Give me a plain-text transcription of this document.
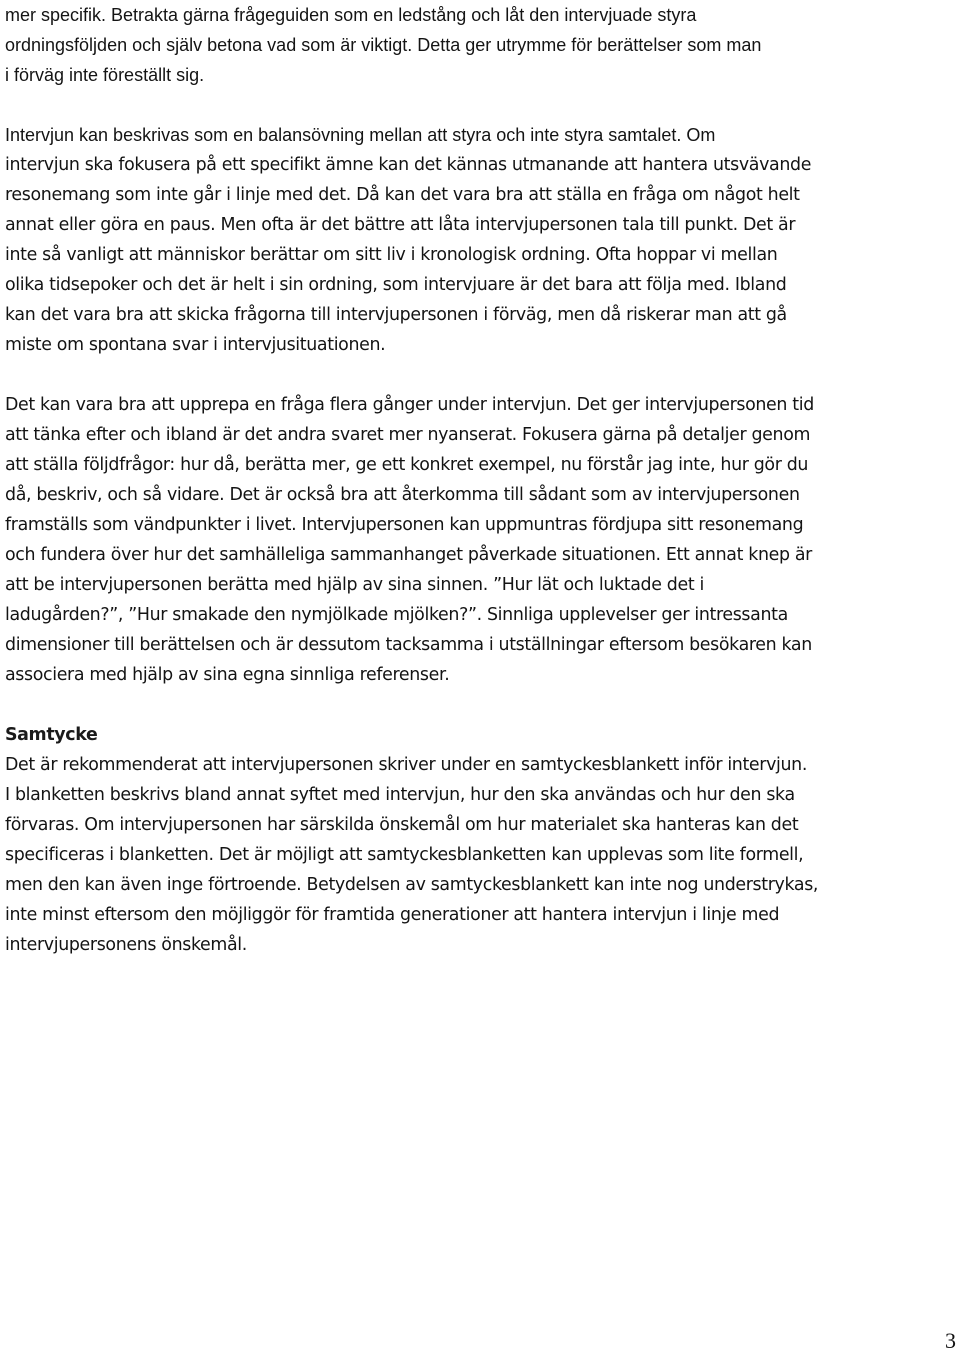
mer specifik. Betrakta gärna frågeguiden som en ledstång och låt den intervjuade styra
ordningsföljden och själv betona vad som är viktigt. Detta ger utrymme för berättelser som man
i förväg inte föreställt sig.
Intervjun kan beskrivas som en balansövning mellan att styra och inte styra samtalet. Om
intervjun ska fokusera på ett specifikt ämne kan det kännas utmanande att hantera utsvävande
resonemang som inte går i linje med det. Då kan det vara bra att ställa en fråga om något helt
annat eller göra en paus. Men ofta är det bättre att låta intervjupersonen tala till punkt. Det är
inte så vanligt att människor berättar om sitt liv i kronologisk ordning. Ofta hoppar vi mellan
olika tidsepoker och det är helt i sin ordning, som intervjuare är det bara att följa med. Ibland
kan det vara bra att skicka frågorna till intervjupersonen i förväg, men då riskerar man att gå
miste om spontana svar i intervjusituationen.
Det kan vara bra att upprepa en fråga flera gånger under intervjun. Det ger intervjupersonen tid
att tänka efter och ibland är det andra svaret mer nyanserat. Fokusera gärna på detaljer genom
att ställa följdfrågor: hur då, berätta mer, ge ett konkret exempel, nu förstår jag inte, hur gör du
då, beskriv, och så vidare. Det är också bra att återkomma till sådant som av intervjupersonen
framställs som vändpunkter i livet. Intervjupersonen kan uppmuntras fördjupa sitt resonemang
och fundera över hur det samhälleliga sammanhanget påverkade situationen. Ett annat knep är
att be intervjupersonen berätta med hjälp av sina sinnen. ”Hur lät och luktade det i
ladugården?”, ”Hur smakade den nymjölkade mjölken?”. Sinnliga upplevelser ger intressanta
dimensioner till berättelsen och är dessutom tacksamma i utställningar eftersom besökaren kan
associera med hjälp av sina egna sinnliga referenser.
Samtycke
Det är rekommenderat att intervjupersonen skriver under en samtyckesblankett inför intervjun.
I blanketten beskrivs bland annat syftet med intervjun, hur den ska användas och hur den ska
förvaras. Om intervjupersonen har särskilda önskemål om hur materialet ska hanteras kan det
specificeras i blanketten. Det är möjligt att samtyckesblanketten kan upplevas som lite formell,
men den kan även inge förtroende. Betydelsen av samtyckesblankett kan inte nog understrykas,
inte minst eftersom den möjliggör för framtida generationer att hantera intervjun i linje med
intervjupersonens önskemål.
3
